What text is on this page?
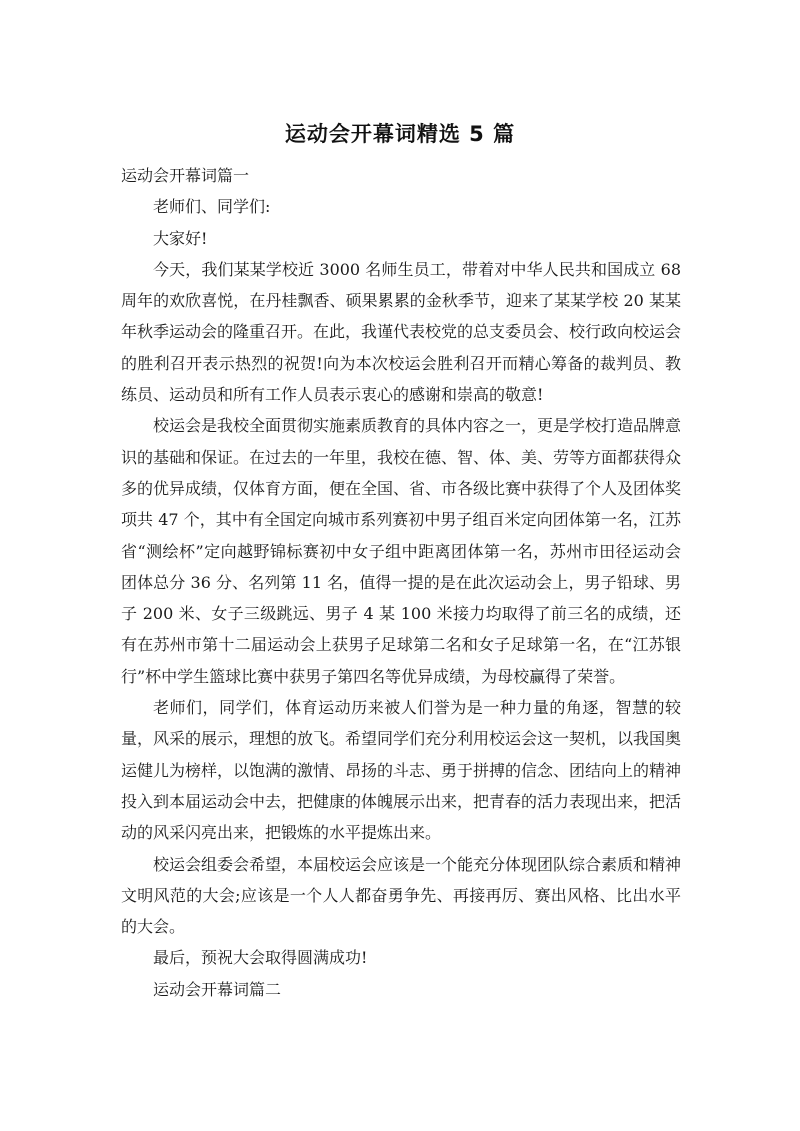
运动会开幕词精选 5 篇

运动会开幕词篇一

老师们、同学们:

大家好!

今天，我们某某学校近 3000 名师生员工，带着对中华人民共和国成立 68 周年的欢欣喜悦，在丹桂飘香、硕果累累的金秋季节，迎来了某某学校 20 某某年秋季运动会的隆重召开。在此，我谨代表校党的总支委员会、校行政向校运会的胜利召开表示热烈的祝贺!向为本次校运会胜利召开而精心筹备的裁判员、教练员、运动员和所有工作人员表示衷心的感谢和崇高的敬意!

校运会是我校全面贯彻实施素质教育的具体内容之一，更是学校打造品牌意识的基础和保证。在过去的一年里，我校在德、智、体、美、劳等方面都获得众多的优异成绩，仅体育方面，便在全国、省、市各级比赛中获得了个人及团体奖项共 47 个，其中有全国定向城市系列赛初中男子组百米定向团体第一名，江苏省“测绘杯”定向越野锦标赛初中女子组中距离团体第一名，苏州市田径运动会团体总分 36 分、名列第 11 名，值得一提的是在此次运动会上，男子铅球、男子 200 米、女子三级跳远、男子 4 某 100 米接力均取得了前三名的成绩，还有在苏州市第十二届运动会上获男子足球第二名和女子足球第一名，在“江苏银行”杯中学生篮球比赛中获男子第四名等优异成绩，为母校赢得了荣誉。

老师们，同学们，体育运动历来被人们誉为是一种力量的角逐，智慧的较量，风采的展示，理想的放飞。希望同学们充分利用校运会这一契机，以我国奥运健儿为榜样，以饱满的激情、昂扬的斗志、勇于拼搏的信念、团结向上的精神投入到本届运动会中去，把健康的体魄展示出来，把青春的活力表现出来，把活动的风采闪亮出来，把锻炼的水平提炼出来。

校运会组委会希望，本届校运会应该是一个能充分体现团队综合素质和精神文明风范的大会;应该是一个人人都奋勇争先、再接再厉、赛出风格、比出水平的大会。

最后，预祝大会取得圆满成功!

运动会开幕词篇二
